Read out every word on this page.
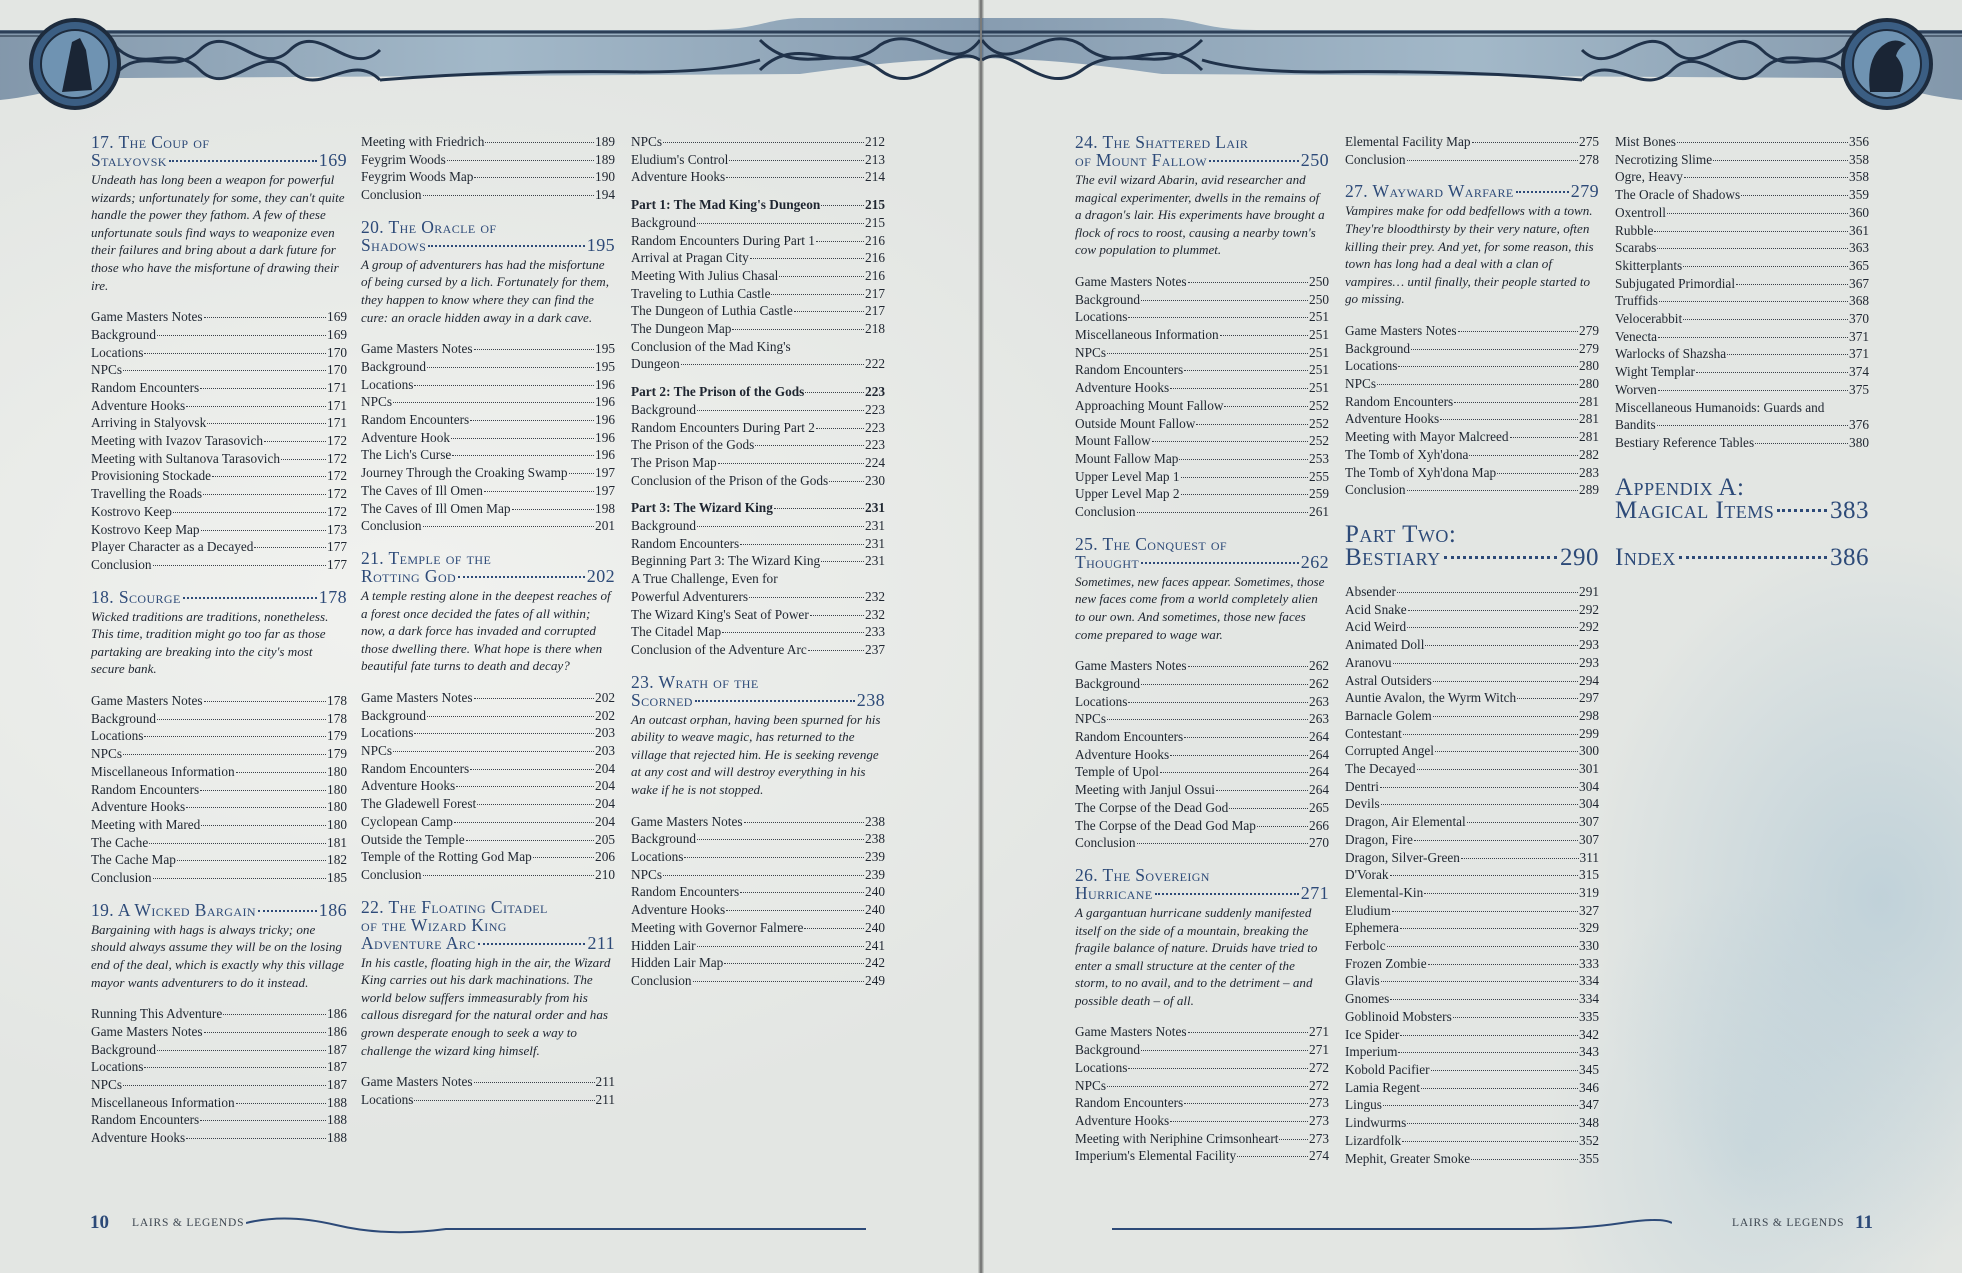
17. The Coup of
Stalyovsk	169

Undeath has long been a weapon for powerful wizards; unfortunately for some, they can't quite handle the power they fathom. A few of these unfortunate souls find ways to weaponize even their failures and bring about a dark future for those who have the misfortune of drawing their ire.

Game Masters Notes	169
Background	169
Locations	170
NPCs	170
Random Encounters	171
Adventure Hooks	171
Arriving in Stalyovsk	171
Meeting with Ivazov Tarasovich	172
Meeting with Sultanova Tarasovich	172
Provisioning Stockade	172
Travelling the Roads	172
Kostrovo Keep	172
Kostrovo Keep Map	173
Player Character as a Decayed	177
Conclusion	177
18. Scourge	178

Wicked traditions are traditions, nonetheless. This time, tradition might go too far as those partaking are breaking into the city's most secure bank.

Game Masters Notes	178
Background	178
Locations	179
NPCs	179
Miscellaneous Information	180
Random Encounters	180
Adventure Hooks	180
Meeting with Mared	180
The Cache	181
The Cache Map	182
Conclusion	185
19. A Wicked Bargain	186

Bargaining with hags is always tricky; one should always assume they will be on the losing end of the deal, which is exactly why this village mayor wants adventurers to do it instead.

Running This Adventure	186
Game Masters Notes	186
Background	187
Locations	187
NPCs	187
Miscellaneous Information	188
Random Encounters	188
Adventure Hooks	188
Meeting with Friedrich	189
Feygrim Woods	189
Feygrim Woods Map	190
Conclusion	194
20. The Oracle of
Shadows	195

A group of adventurers has had the misfortune of being cursed by a lich. Fortunately for them, they happen to know where they can find the cure: an oracle hidden away in a dark cave.

Game Masters Notes	195
Background	195
Locations	196
NPCs	196
Random Encounters	196
Adventure Hook	196
The Lich's Curse	196
Journey Through the Croaking Swamp 197
The Caves of Ill Omen	197
The Caves of Ill Omen Map	198
Conclusion	201
21. Temple of the
Rotting God	202

A temple resting alone in the deepest reaches of a forest once decided the fates of all within; now, a dark force has invaded and corrupted those dwelling there. What hope is there when beautiful fate turns to death and decay?

Game Masters Notes	202
Background	202
Locations	203
NPCs	203
Random Encounters	204
Adventure Hooks	204
The Gladewell Forest	204
Cyclopean Camp	204
Outside the Temple	205
Temple of the Rotting God Map	206
Conclusion	210
22. The Floating Citadel
of the Wizard King
Adventure Arc	211

In his castle, floating high in the air, the Wizard King carries out his dark machinations. The world below suffers immeasurably from his callous disregard for the natural order and has grown desperate enough to seek a way to challenge the wizard king himself.

Game Masters Notes	211
Locations	211
NPCs	212
Eludium's Control	213
Adventure Hooks	214
Part 1: The Mad King's Dungeon	215
Background	215
Random Encounters During Part 1	216
Arrival at Pragan City	216
Meeting With Julius Chasal	216
Traveling to Luthia Castle	217
The Dungeon of Luthia Castle	217
The Dungeon Map	218
Conclusion of the Mad King's
Dungeon	222
Part 2: The Prison of the Gods	223
Background	223
Random Encounters During Part 2	223
The Prison of the Gods	223
The Prison Map	224
Conclusion of the Prison of the Gods	230
Part 3: The Wizard King	231
Background	231
Random Encounters	231
Beginning Part 3: The Wizard King	231
A True Challenge, Even for
Powerful Adventurers	232
The Wizard King's Seat of Power	232
The Citadel Map	233
Conclusion of the Adventure Arc	237
23. Wrath of the
Scorned	238

An outcast orphan, having been spurned for his ability to weave magic, has returned to the village that rejected him. He is seeking revenge at any cost and will destroy everything in his wake if he is not stopped.

Game Masters Notes	238
Background	238
Locations	239
NPCs	239
Random Encounters	240
Adventure Hooks	240
Meeting with Governor Falmere	240
Hidden Lair	241
Hidden Lair Map	242
Conclusion	249
10 LAIRS & LEGENDS
24. The Shattered Lair
of Mount Fallow	250

The evil wizard Abarin, avid researcher and magical experimenter, dwells in the remains of a dragon's lair. His experiments have brought a flock of rocs to roost, causing a nearby town's cow population to plummet.

Game Masters Notes	250
Background	250
Locations	251
Miscellaneous Information	251
NPCs	251
Random Encounters	251
Adventure Hooks	251
Approaching Mount Fallow	252
Outside Mount Fallow	252
Mount Fallow	252
Mount Fallow Map	253
Upper Level Map 1	255
Upper Level Map 2	259
Conclusion	261
25. The Conquest of
Thought	262

Sometimes, new faces appear. Sometimes, those new faces come from a world completely alien to our own. And sometimes, those new faces come prepared to wage war.

Game Masters Notes	262
Background	262
Locations	263
NPCs	263
Random Encounters	264
Adventure Hooks	264
Temple of Upol	264
Meeting with Janjul Ossui	264
The Corpse of the Dead God	265
The Corpse of the Dead God Map	266
Conclusion	270
26. The Sovereign
Hurricane	271

A gargantuan hurricane suddenly manifested itself on the side of a mountain, breaking the fragile balance of nature. Druids have tried to enter a small structure at the center of the storm, to no avail, and to the detriment – and possible death – of all.

Game Masters Notes	271
Background	271
Locations	272
NPCs	272
Random Encounters	273
Adventure Hooks	273
Meeting with Neriphine Crimsonheart 273
Imperium's Elemental Facility	274
Elemental Facility Map	275
Conclusion	278
27. Wayward Warfare	279

Vampires make for odd bedfellows with a town. They're bloodthirsty by their very nature, often killing their prey. And yet, for some reason, this town has long had a deal with a clan of vampires… until finally, their people started to go missing.

Game Masters Notes	279
Background	279
Locations	280
NPCs	280
Random Encounters	281
Adventure Hooks	281
Meeting with Mayor Malcreed	281
The Tomb of Xyh'dona	282
The Tomb of Xyh'dona Map	283
Conclusion	289
Part Two:
Bestiary	290
Absender	291
Acid Snake	292
Acid Weird	292
Animated Doll	293
Aranovu	293
Astral Outsiders	294
Auntie Avalon, the Wyrm Witch	297
Barnacle Golem	298
Contestant	299
Corrupted Angel	300
The Decayed	301
Dentri	304
Devils	304
Dragon, Air Elemental	307
Dragon, Fire	307
Dragon, Silver-Green	311
D'Vorak	315
Elemental-Kin	319
Eludium	327
Ephemera	329
Ferbolc	330
Frozen Zombie	333
Glavis	334
Gnomes	334
Goblinoid Mobsters	335
Ice Spider	342
Imperium	343
Kobold Pacifier	345
Lamia Regent	346
Lingus	347
Lindwurms	348
Lizardfolk	352
Mephit, Greater Smoke	355
Mist Bones	356
Necrotizing Slime	358
Ogre, Heavy	358
The Oracle of Shadows	359
Oxentroll	360
Rubble	361
Scarabs	363
Skitterplants	365
Subjugated Primordial	367
Truffids	368
Velocerabbit	370
Venecta	371
Warlocks of Shazsha	371
Wight Templar	374
Worven	375
Miscellaneous Humanoids: Guards and
Bandits	376
Bestiary Reference Tables	380
Appendix A:
Magical Items 383
Index	386
LAIRS & LEGENDS 11
